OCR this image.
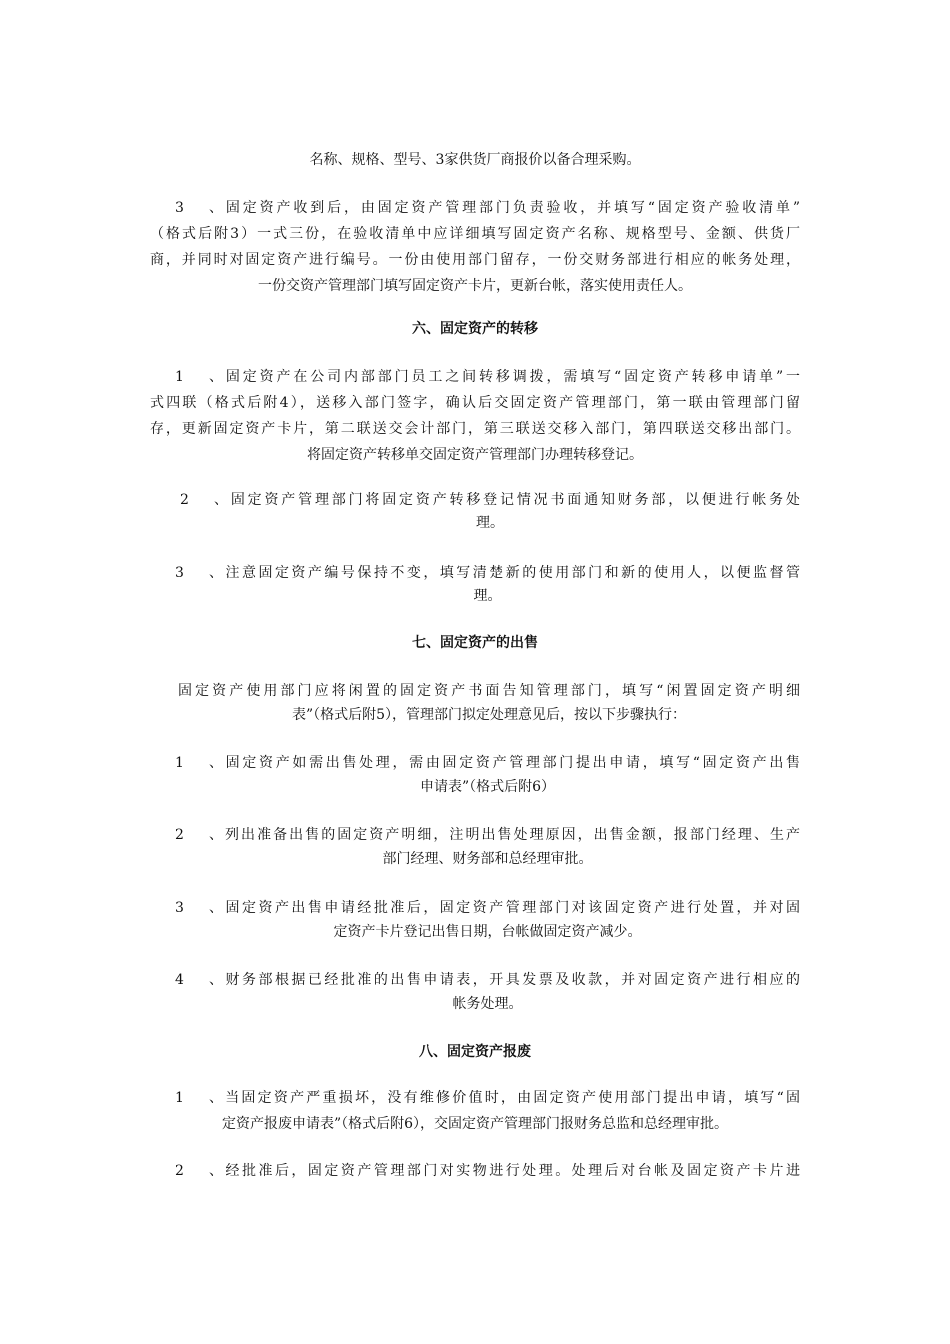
名称、规格、型号、3家供货厂商报价以备合理采购。
3、固定资产收到后，由固定资产管理部门负责验收，并填写“固定资产验收清单”
（格式后附3）一式三份，在验收清单中应详细填写固定资产名称、规格型号、金额、供货厂
商，并同时对固定资产进行编号。一份由使用部门留存，一份交财务部进行相应的帐务处理，
一份交资产管理部门填写固定资产卡片，更新台帐，落实使用责任人。
六、固定资产的转移
1、固定资产在公司内部部门员工之间转移调拨，需填写“固定资产转移申请单”一
式四联（格式后附4），送移入部门签字，确认后交固定资产管理部门，第一联由管理部门留
存，更新固定资产卡片，第二联送交会计部门，第三联送交移入部门，第四联送交移出部门。
将固定资产转移单交固定资产管理部门办理转移登记。
2、固定资产管理部门将固定资产转移登记情况书面通知财务部，以便进行帐务处
理。
3、注意固定资产编号保持不变，填写清楚新的使用部门和新的使用人，以便监督管
理。
七、固定资产的出售
固定资产使用部门应将闲置的固定资产书面告知管理部门，填写“闲置固定资产明细
表”（格式后附5），管理部门拟定处理意见后，按以下步骤执行：
1、固定资产如需出售处理，需由固定资产管理部门提出申请，填写“固定资产出售
申请表”（格式后附6）
2、列出准备出售的固定资产明细，注明出售处理原因，出售金额，报部门经理、生产
部门经理、财务部和总经理审批。
3、固定资产出售申请经批准后，固定资产管理部门对该固定资产进行处置，并对固
定资产卡片登记出售日期，台帐做固定资产减少。
4、财务部根据已经批准的出售申请表，开具发票及收款，并对固定资产进行相应的
帐务处理。
八、固定资产报废
1、当固定资产严重损坏，没有维修价值时，由固定资产使用部门提出申请，填写“固
定资产报废申请表”（格式后附6），交固定资产管理部门报财务总监和总经理审批。
2、经批准后，固定资产管理部门对实物进行处理。处理后对台帐及固定资产卡片进
